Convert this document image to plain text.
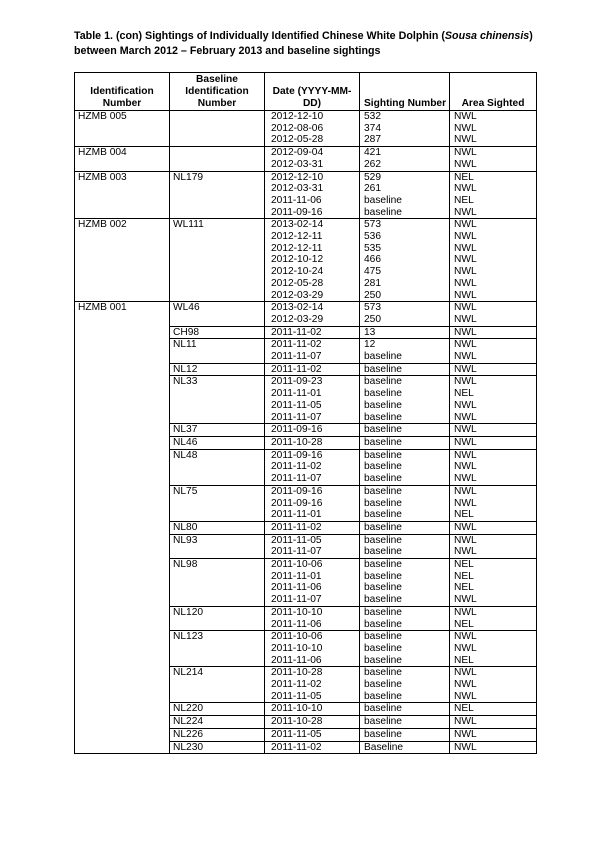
Table 1. (con) Sightings of Individually Identified Chinese White Dolphin (Sousa chinensis) between March 2012 – February 2013 and baseline sightings
Identification Number	Baseline Identification Number	Date (YYYY-MM-DD)	Sighting Number	Area Sighted
HZMB 005		2012-12-10	532	NWL
		2012-08-06	374	NWL
		2012-05-28	287	NWL
HZMB 004		2012-09-04	421	NWL
		2012-03-31	262	NWL
HZMB 003	NL179	2012-12-10	529	NEL
		2012-03-31	261	NWL
		2011-11-06	baseline	NEL
		2011-09-16	baseline	NWL
HZMB 002	WL111	2013-02-14	573	NWL
		2012-12-11	536	NWL
		2012-12-11	535	NWL
		2012-10-12	466	NWL
		2012-10-24	475	NWL
		2012-05-28	281	NWL
		2012-03-29	250	NWL
HZMB 001	WL46	2013-02-14	573	NWL
		2012-03-29	250	NWL
	CH98	2011-11-02	13	NWL
	NL11	2011-11-02	12	NWL
		2011-11-07	baseline	NWL
	NL12	2011-11-02	baseline	NWL
	NL33	2011-09-23	baseline	NWL
		2011-11-01	baseline	NEL
		2011-11-05	baseline	NWL
		2011-11-07	baseline	NWL
	NL37	2011-09-16	baseline	NWL
	NL46	2011-10-28	baseline	NWL
	NL48	2011-09-16	baseline	NWL
		2011-11-02	baseline	NWL
		2011-11-07	baseline	NWL
	NL75	2011-09-16	baseline	NWL
		2011-09-16	baseline	NWL
		2011-11-01	baseline	NEL
	NL80	2011-11-02	baseline	NWL
	NL93	2011-11-05	baseline	NWL
		2011-11-07	baseline	NWL
	NL98	2011-10-06	baseline	NEL
		2011-11-01	baseline	NEL
		2011-11-06	baseline	NEL
		2011-11-07	baseline	NWL
	NL120	2011-10-10	baseline	NWL
		2011-11-06	baseline	NEL
	NL123	2011-10-06	baseline	NWL
		2011-10-10	baseline	NWL
		2011-11-06	baseline	NEL
	NL214	2011-10-28	baseline	NWL
		2011-11-02	baseline	NWL
		2011-11-05	baseline	NWL
	NL220	2011-10-10	baseline	NEL
	NL224	2011-10-28	baseline	NWL
	NL226	2011-11-05	baseline	NWL
	NL230	2011-11-02	Baseline	NWL
